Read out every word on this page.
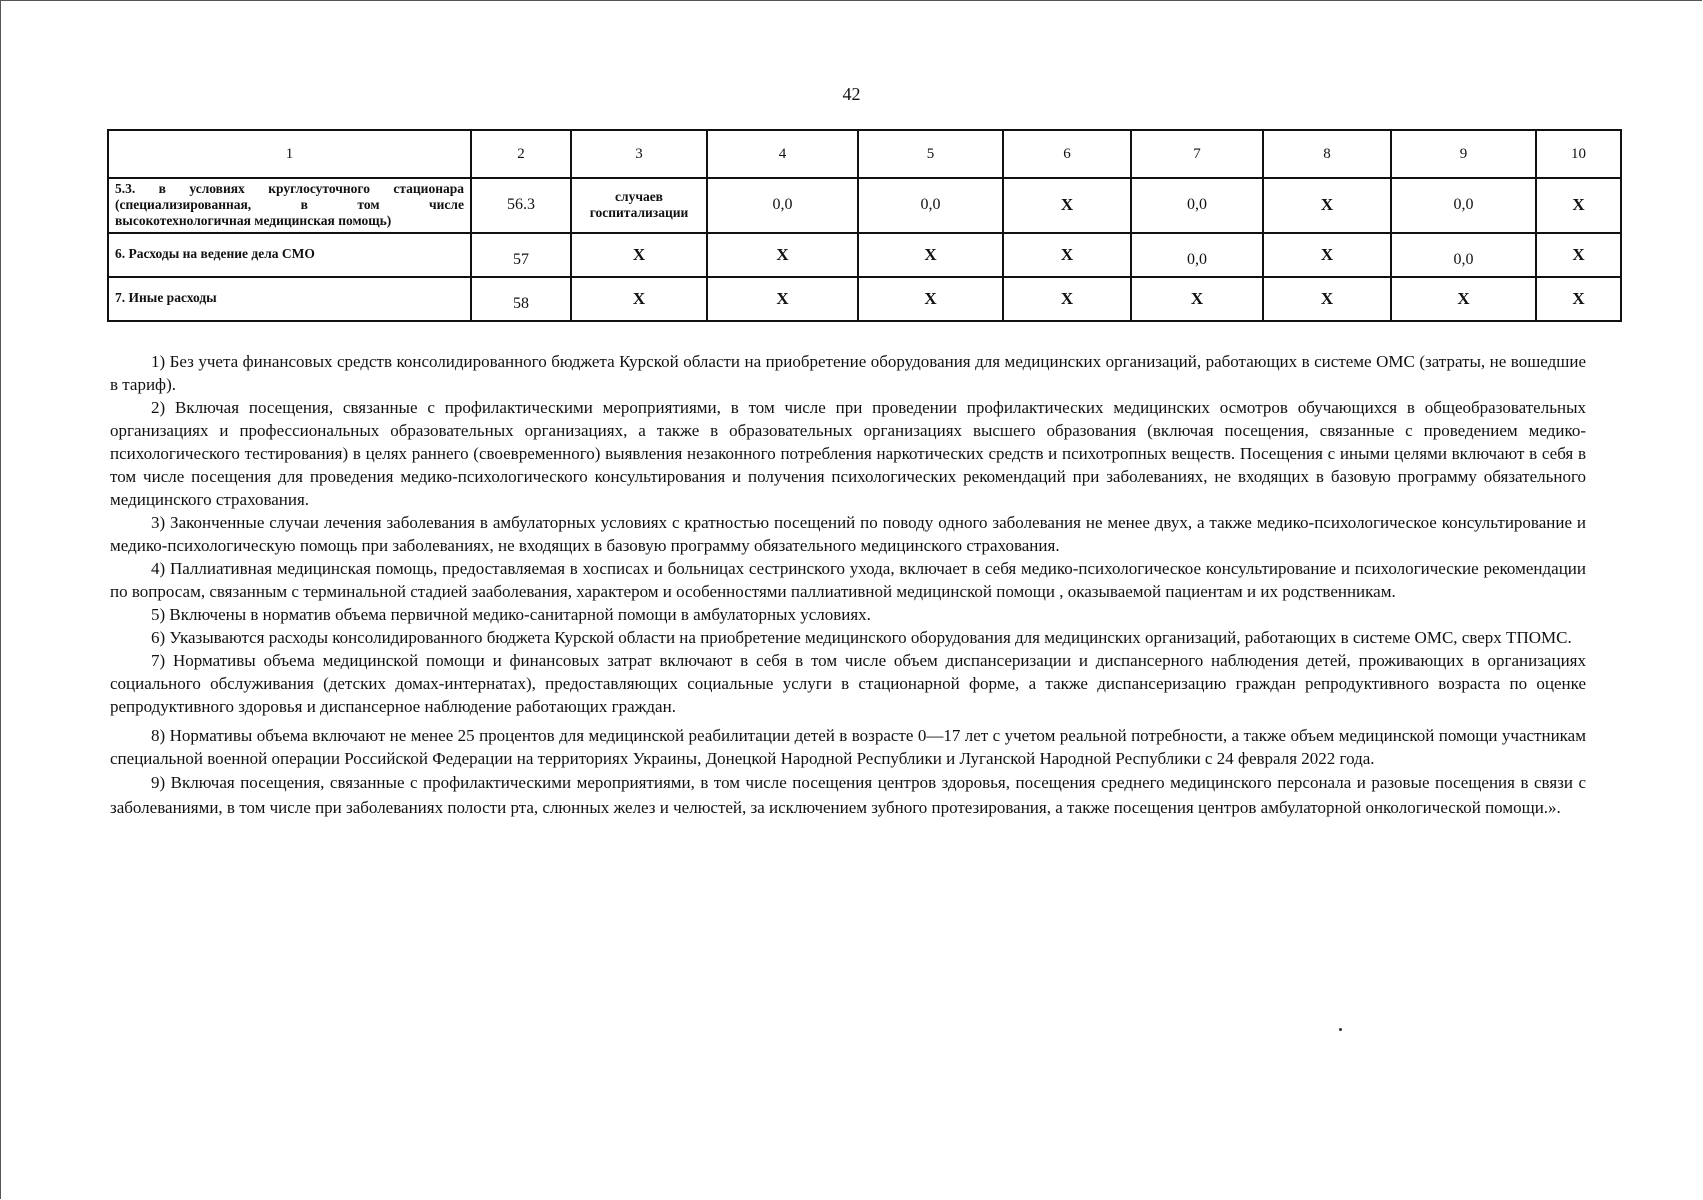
42
1	2	3	4	5	6	7	8	9	10
5.3. в условиях круглосуточного стационара (специализированная, в том числе высокотехнологичная медицинская помощь)	56.3	случаев госпитализации	0,0	0,0	Х	0,0	Х	0,0	Х
6. Расходы на ведение дела СМО	57	Х	Х	Х	Х	0,0	Х	0,0	Х
7. Иные расходы	58	Х	Х	Х	Х	Х	Х	Х	Х

1) Без учета финансовых средств консолидированного бюджета Курской области на приобретение оборудования для медицинских организаций, работающих в системе ОМС (затраты, не вошедшие в тариф).

2) Включая посещения, связанные с профилактическими мероприятиями, в том числе при проведении профилактических медицинских осмотров обучающихся в общеобразовательных организациях и профессиональных образовательных организациях, а также в образовательных организациях высшего образования (включая посещения, связанные с проведением медико-психологического тестирования) в целях раннего (своевременного) выявления незаконного потребления наркотических средств и психотропных веществ. Посещения с иными целями включают в себя в том числе посещения для проведения медико-психологического консультирования и получения психологических рекомендаций при заболеваниях, не входящих в базовую программу обязательного медицинского страхования.

3) Законченные случаи лечения заболевания в амбулаторных условиях с кратностью посещений по поводу одного заболевания не менее двух, а также медико-психологическое консультирование и медико-психологическую помощь при заболеваниях, не входящих в базовую программу обязательного медицинского страхования.

4) Паллиативная медицинская помощь, предоставляемая в хосписах и больницах сестринского ухода, включает в себя медико-психологическое консультирование и психологические рекомендации по вопросам, связанным с терминальной стадией зааболевания, характером и особенностями паллиативной медицинской помощи , оказываемой пациентам и их родственникам.

5) Включены в норматив объема первичной медико-санитарной помощи в амбулаторных условиях.

6) Указываются расходы консолидированного бюджета Курской области на приобретение медицинского оборудования для медицинских организаций, работающих в системе ОМС, сверх ТПОМС.

7) Нормативы объема медицинской помощи и финансовых затрат включают в себя в том числе объем диспансеризации и диспансерного наблюдения детей, проживающих в организациях социального обслуживания (детских домах-интернатах), предоставляющих социальные услуги в стационарной форме, а также диспансеризацию граждан репродуктивного возраста по оценке репродуктивного здоровья и диспансерное наблюдение работающих граждан.

8) Нормативы объема включают не менее 25 процентов для медицинской реабилитации детей в возрасте 0—17 лет с учетом реальной потребности, а также объем медицинской помощи участникам специальной военной операции Российской Федерации на территориях Украины, Донецкой Народной Республики и Луганской Народной Республики с 24 февраля 2022 года.

9) Включая посещения, связанные с профилактическими мероприятиями, в том числе посещения центров здоровья, посещения среднего медицинского персонала и разовые посещения в связи с заболеваниями, в том числе при заболеваниях полости рта, слюнных желез и челюстей, за исключением зубного протезирования, а также посещения центров амбулаторной онкологической помощи.».
